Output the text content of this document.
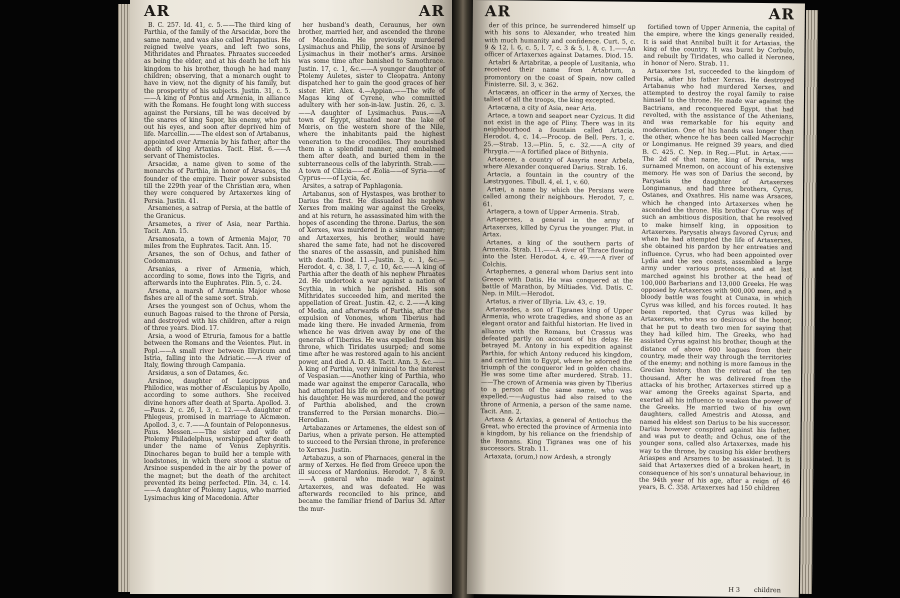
AR	AR

B. C. 257. Id. 41, c. 5.——The third king of Parthia, of the family of the Arsacidæ, bore the same name, and was also called Priapatius. He reigned twelve years, and left two sons, Mithridates and Phraates. Phraates succeeded as being the elder, and at his death he left his kingdom to his brother, though he had many children; observing, that a monarch ought to have in view, not the dignity of his family, but the prosperity of his subjects. Justin. 31, c. 5.——A king of Pontus and Armenia, in alliance with the Romans. He fought long with success against the Persians, till he was deceived by the snares of king Sapor, his enemy, who put out his eyes, and soon after deprived him of life. Marcellin.——The eldest son of Artabanus, appointed over Armenia by his father, after the death of king Artaxias. Tacit. Hist. 6.——A servant of Themistocles.

Arsacidæ, a name given to some of the monarchs of Parthia, in honor of Arsaces, the founder of the empire. Their power subsisted till the 229th year of the Christian æra, when they were conquered by Artaxerxes king of Persia. Justin. 41.

Arsamenes, a satrap of Persia, at the battle of the Granicus.

Arsametes, a river of Asia, near Parthia. Tacit. Ann. 15.

Arsamosata, a town of Armenia Major, 70 miles from the Euphrates. Tacit. Ann. 15.

Arsanes, the son of Ochus, and father of Codomanus.

Arsanias, a river of Armenia, which, according to some, flows into the Tigris, and afterwards into the Euphrates. Plin. 5, c. 24.

Arsena, a marsh of Armenia Major whose fishes are all of the same sort. Strab.

Arses the youngest son of Ochus, whom the eunuch Bagoas raised to the throne of Persia, and destroyed with his children, after a reign of three years. Diod. 17.

Arsia, a wood of Etruria, famous for a battle between the Romans and the Veientes. Plut. in Popl.——A small river between Illyricum and Istria, falling into the Adriatic.——A river of Italy, flowing through Campania.

Arsidæus, a son of Datames, &c.

Arsinoe, daughter of Leucippus and Philodice, was mother of Æsculapius by Apollo, according to some authors. She received divine honors after death at Sparta. Apollod. 3.—Paus. 2, c. 26, l. 3, c. 12.——A daughter of Phlegeus, promised in marriage to Alcmæon. Apollod. 3, c. 7.——A fountain of Peloponnesus. Paus. Messen.——The sister and wife of Ptolemy Philadelphus, worshipped after death under the name of Venus Zephyritis. Dinochares began to build her a temple with loadstones, in which there stood a statue of Arsinoe suspended in the air by the power of the magnet; but the death of the architect prevented its being perfected. Plin. 34, c. 14.——A daughter of Ptolemy Lagus, who married Lysimachus king of Macedonia. After

her husband's death, Ceraunus, her own brother, married her, and ascended the throne of Macedonia. He previously murdered Lysimachus and Philip, the sons of Arsinoe by Lysimachus in their mother's arms. Arsinoe was some time after banished to Samothrace. Justin. 17, c. 1, &c.——A younger daughter of Ptolemy Auletes, sister to Cleopatra. Antony dispatched her to gain the good graces of her sister. Hirt. Alex. 4.—Appian.——The wife of Magas king of Cyrene, who committed adultery with her son-in-law. Justin. 26, c. 3.——A daughter of Lysimachus. Paus.——A town of Egypt, situated near the lake of Mœris, on the western shore of the Nile, where the inhabitants paid the highest veneration to the crocodiles. They nourished them in a splendid manner, and embalmed them after death, and buried them in the subterraneous cells of the labyrinth. Strab.——A town of Cilicia——of Æolia——of Syria——of Cyprus——of Lycia, &c.

Arsites, a satrap of Paphlagonia.

Artabanus, son of Hystaspes, was brother to Darius the first. He dissuaded his nephew Xerxes from making war against the Greeks, and at his return, he assassinated him with the hopes of ascending the throne. Darius, the son of Xerxes, was murdered in a similar manner; and Artaxerxes, his brother, would have shared the same fate, had not he discovered the snares of the assassin, and punished him with death. Diod. 11.—Justin. 3, c. 1, &c.—Herodot. 4, c. 38, l. 7, c. 10, &c.——A king of Parthia after the death of his nephew Phraates 2d. He undertook a war against a nation of Scythia, in which he perished. His son Mithridates succeeded him, and merited the appellation of Great. Justin. 42, c. 2.——A king of Media, and afterwards of Parthia, after the expulsion of Vonones, whom Tiberius had made king there. He invaded Armenia, from whence he was driven away by one of the generals of Tiberius. He was expelled from his throne, which Tiridates usurped; and some time after he was restored again to his ancient power, and died A. D. 48. Tacit. Ann. 3, &c.——A king of Parthia, very inimical to the interest of Vespasian.——Another king of Parthia, who made war against the emperor Caracalla, who had attempted his life on pretence of courting his daughter. He was murdered, and the power of Parthia abolished, and the crown transferred to the Persian monarchs. Dio.—Herodian.

Artabazanes or Artamenes, the eldest son of Darius, when a private person. He attempted to succeed to the Persian throne, in preference to Xerxes. Justin.

Artabazus, a son of Pharnaces, general in the army of Xerxes. He fled from Greece upon the ill success of Mardonius. Herodot. 7, 8 & 9.——A general who made war against Artaxerxes, and was defeated. He was afterwards reconciled to his prince, and became the familiar friend of Darius 3d. After the mur-

AR	AR

der of this prince, he surrendered himself up with his sons to Alexander, who treated him with much humanity and confidence. Curt. 5, c. 9 & 12, l. 6, c. 5, l. 7, c. 3 & 5, l. 8, c. 1.——An officer of Artaxerxes against Datames. Diod. 15.

Artabri & Artabritæ, a people of Lusitania, who received their name from Artabrum, a promontory on the coast of Spain, now called Finisterre. Sil. 3, v. 362.

Artacæas, an officer in the army of Xerxes, the tallest of all the troops, the king excepted.

Artacæna, a city of Asia, near Aria.

Artace, a town and seaport near Cyzicus. It did not exist in the age of Pliny. There was in its neighbourhood a fountain called Artacia. Herodot. 4, c. 14.—Procop. de Bell. Pers. 1, c. 25.—Strab. 13.—Plin. 5, c. 32.——A city of Phrygia.——A fortified place of Bithynia.

Artacene, a country of Assyria near Arbela, where Alexander conquered Darius. Strab. 16.

Artacia, a fountain in the country of the Læstrygones. Tibull. 4, el. 1, v. 60.

Artæi, a name by which the Persians were called among their neighbours. Herodot. 7, c. 61.

Artagera, a town of Upper Armenia. Strab.

Artagerses, a general in the army of Artaxerxes, killed by Cyrus the younger. Plut. in Artax.

Artanes, a king of the southern parts of Armenia. Strab. 11.——A river of Thrace flowing into the Ister. Herodot. 4, c. 49.——A river of Colchis.

Artaphernes, a general whom Darius sent into Greece with Datis. He was conquered at the battle of Marathon, by Miltiades. Vid. Datis. C. Nep. in Milt.—Herodot.

Artatus, a river of Illyria. Liv. 43, c. 19.

Artavasdes, a son of Tigranes king of Upper Armenia, who wrote tragedies, and shone as an elegant orator and faithful historian. He lived in alliance with the Romans, but Crassus was defeated partly on account of his delay. He betrayed M. Antony in his expedition against Parthia, for which Antony reduced his kingdom, and carried him to Egypt, where he adorned the triumph of the conqueror led in golden chains. He was some time after murdered. Strab. 11.——The crown of Armenia was given by Tiberius to a person of the same name, who was expelled.——Augustus had also raised to the throne of Armenia, a person of the same name. Tacit. Ann. 2.

Artaxa & Artaxias, a general of Antiochus the Great, who erected the province of Armenia into a kingdom, by his reliance on the friendship of the Romans. King Tigranes was one of his successors. Strab. 11.

Artaxata, (orum,) now Ardesh, a strongly

fortified town of Upper Armenia, the capital of the empire, where the kings generally resided. It is said that Annibal built it for Artaxias, the king of the country. It was burnt by Corbulo, and rebuilt by Tiridates, who called it Neronea, in honor of Nero. Strab. 11.

Artaxerxes 1st, succeeded to the kingdom of Persia, after his father Xerxes. He destroyed Artabanus who had murdered Xerxes, and attempted to destroy the royal family to raise himself to the throne. He made war against the Bactrians, and reconquered Egypt, that had revolted, with the assistance of the Athenians, and was remarkable for his equity and moderation. One of his hands was longer than the other, whence he has been called Macrochir or Longimanus. He reigned 39 years, and died B. C. 425. C. Nep. in Reg.—Plut. in Artax.——The 2d of that name, king of Persia, was surnamed Mnemon, on account of his extensive memory. He was son of Darius the second, by Parysatis the daughter of Artaxerxes Longimanus, and had three brothers, Cyrus, Ostanes, and Oxathres. His name was Arsaces, which he changed into Artaxerxes when he ascended the throne. His brother Cyrus was of such an ambitious disposition, that he resolved to make himself king, in opposition to Artaxerxes. Parysatis always favored Cyrus; and when he had attempted the life of Artaxerxes, she obtained his pardon by her entreaties and influence. Cyrus, who had been appointed over Lydia and the sea coasts, assembled a large army under various pretences, and at last marched against his brother at the head of 100,000 Barbarians and 13,000 Greeks. He was opposed by Artaxerxes with 900,000 men, and a bloody battle was fought at Cunaxa, in which Cyrus was killed, and his forces routed. It has been reported, that Cyrus was killed by Artaxerxes, who was so desirous of the honor, that he put to death two men for saying that they had killed him. The Greeks, who had assisted Cyrus against his brother, though at the distance of above 600 leagues from their country, made their way through the territories of the enemy; and nothing is more famous in the Grecian history, than the retreat of the ten thousand. After he was delivered from the attacks of his brother, Artaxerxes stirred up a war among the Greeks against Sparta, and exerted all his influence to weaken the power of the Greeks. He married two of his own daughters, called Amestris and Atossa, and named his eldest son Darius to be his successor. Darius however conspired against his father, and was put to death; and Ochus, one of the younger sons, called also Artaxerxes, made his way to the throne, by causing his elder brothers Ariaspes and Arsames to be assassinated. It is said that Artaxerxes died of a broken heart, in consequence of his son's unnatural behaviour, in the 94th year of his age, after a reign of 46 years, B. C. 358. Artaxerxes had 150 children

H 3 children
